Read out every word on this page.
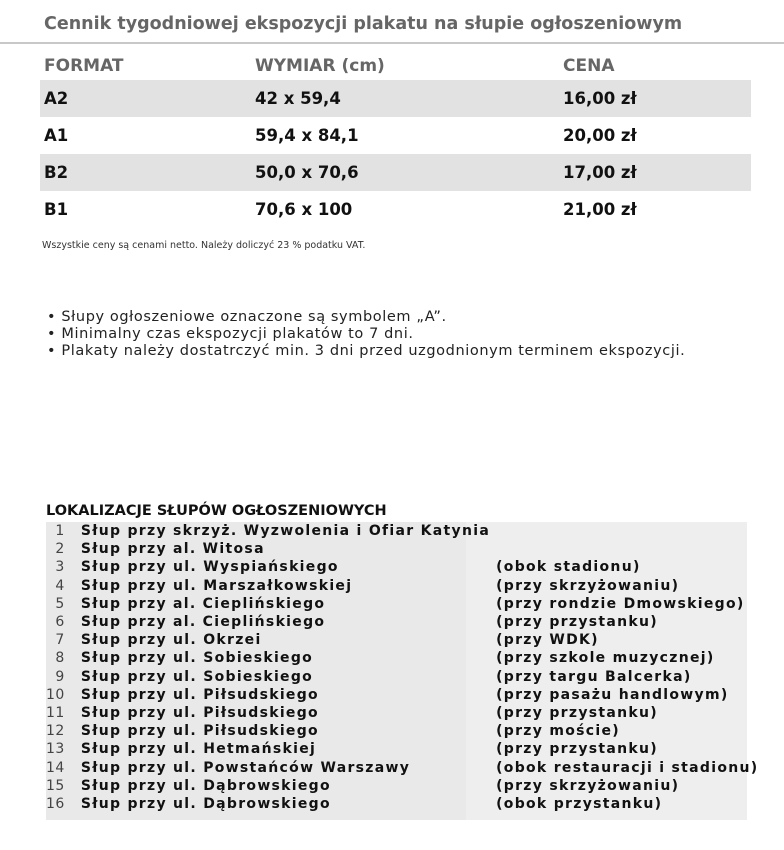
Cennik tygodniowej ekspozycji plakatu na słupie ogłoszeniowym
FORMAT	WYMIAR (cm)	CENA
A2	42 x 59,4	16,00 zł
A1	59,4 x 84,1	20,00 zł
B2	50,0 x 70,6	17,00 zł
B1	70,6 x 100	21,00 zł
Wszystkie ceny są cenami netto. Należy doliczyć 23 % podatku VAT.
• Słupy ogłoszeniowe oznaczone są symbolem „A”.
• Minimalny czas ekspozycji plakatów to 7 dni.
• Plakaty należy dostatrczyć min. 3 dni przed uzgodnionym terminem ekspozycji.
LOKALIZACJE SŁUPÓW OGŁOSZENIOWYCH
1	Słup przy skrzyż. Wyzwolenia i Ofiar Katynia	
2	Słup przy al. Witosa	
3	Słup przy ul. Wyspiańskiego	(obok stadionu)
4	Słup przy ul. Marszałkowskiej	(przy skrzyżowaniu)
5	Słup przy al. Cieplińskiego	(przy rondzie Dmowskiego)
6	Słup przy al. Cieplińskiego	(przy przystanku)
7	Słup przy ul. Okrzei	(przy WDK)
8	Słup przy ul. Sobieskiego	(przy szkole muzycznej)
9	Słup przy ul. Sobieskiego	(przy targu Balcerka)
10	Słup przy ul. Piłsudskiego	(przy pasażu handlowym)
11	Słup przy ul. Piłsudskiego	(przy przystanku)
12	Słup przy ul. Piłsudskiego	(przy moście)
13	Słup przy ul. Hetmańskiej	(przy przystanku)
14	Słup przy ul. Powstańców Warszawy	(obok restauracji i stadionu)
15	Słup przy ul. Dąbrowskiego	(przy skrzyżowaniu)
16	Słup przy ul. Dąbrowskiego	(obok przystanku)
